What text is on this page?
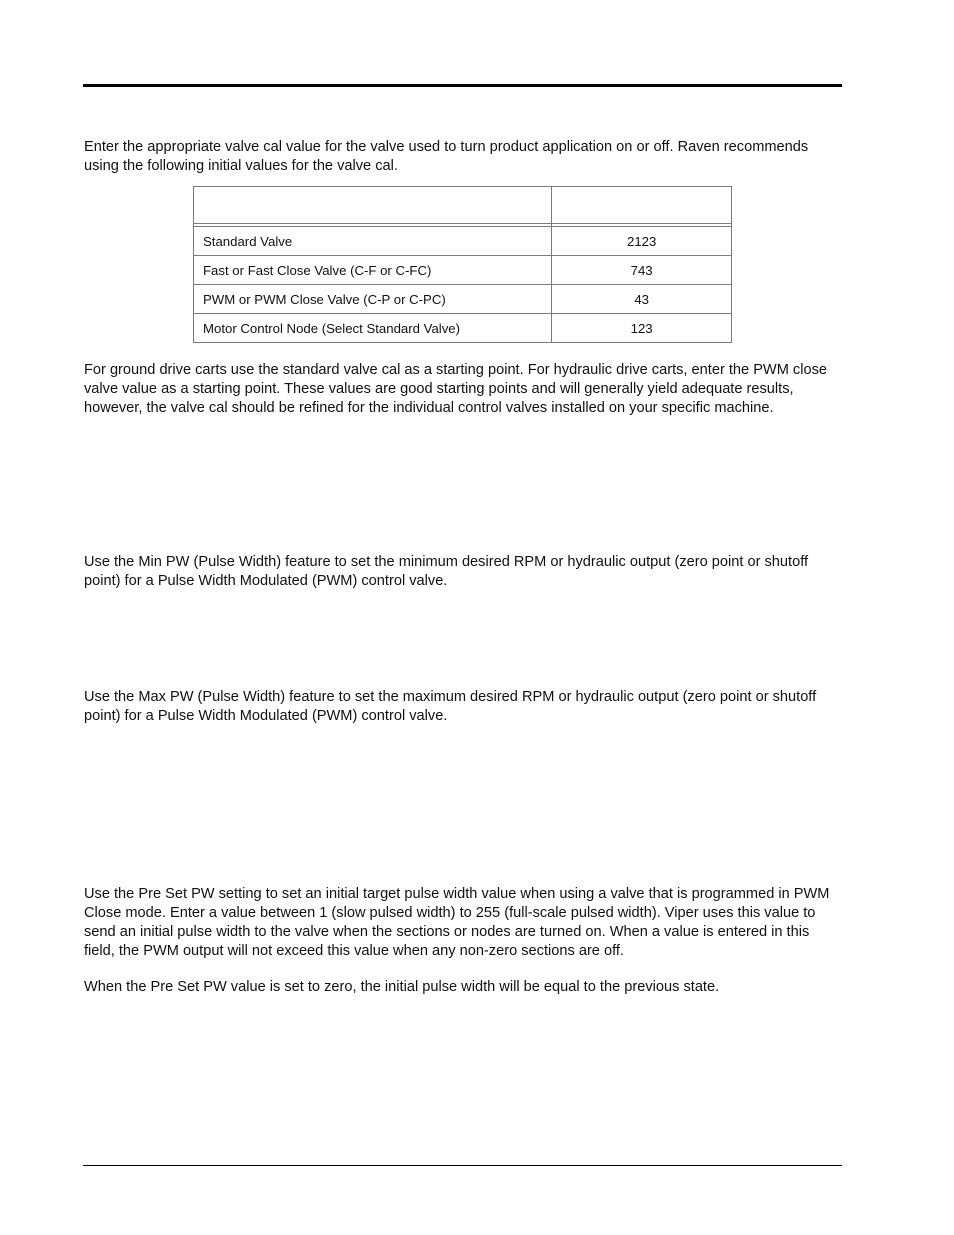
Enter the appropriate valve cal value for the valve used to turn product application on or off. Raven recommends using the following initial values for the valve cal.

Standard Valve	2123
Fast or Fast Close Valve (C-F or C-FC)	743
PWM or PWM Close Valve (C-P or C-PC)	43
Motor Control Node (Select Standard Valve)	123

For ground drive carts use the standard valve cal as a starting point. For hydraulic drive carts, enter the PWM close valve value as a starting point. These values are good starting points and will generally yield adequate results, however, the valve cal should be refined for the individual control valves installed on your specific machine.

Use the Min PW (Pulse Width) feature to set the minimum desired RPM or hydraulic output (zero point or shutoff point) for a Pulse Width Modulated (PWM) control valve.

Use the Max PW (Pulse Width) feature to set the maximum desired RPM or hydraulic output (zero point or shutoff point) for a Pulse Width Modulated (PWM) control valve.

Use the Pre Set PW setting to set an initial target pulse width value when using a valve that is programmed in PWM Close mode. Enter a value between 1 (slow pulsed width) to 255 (full-scale pulsed width). Viper uses this value to send an initial pulse width to the valve when the sections or nodes are turned on. When a value is entered in this field, the PWM output will not exceed this value when any non-zero sections are off.

When the Pre Set PW value is set to zero, the initial pulse width will be equal to the previous state.
